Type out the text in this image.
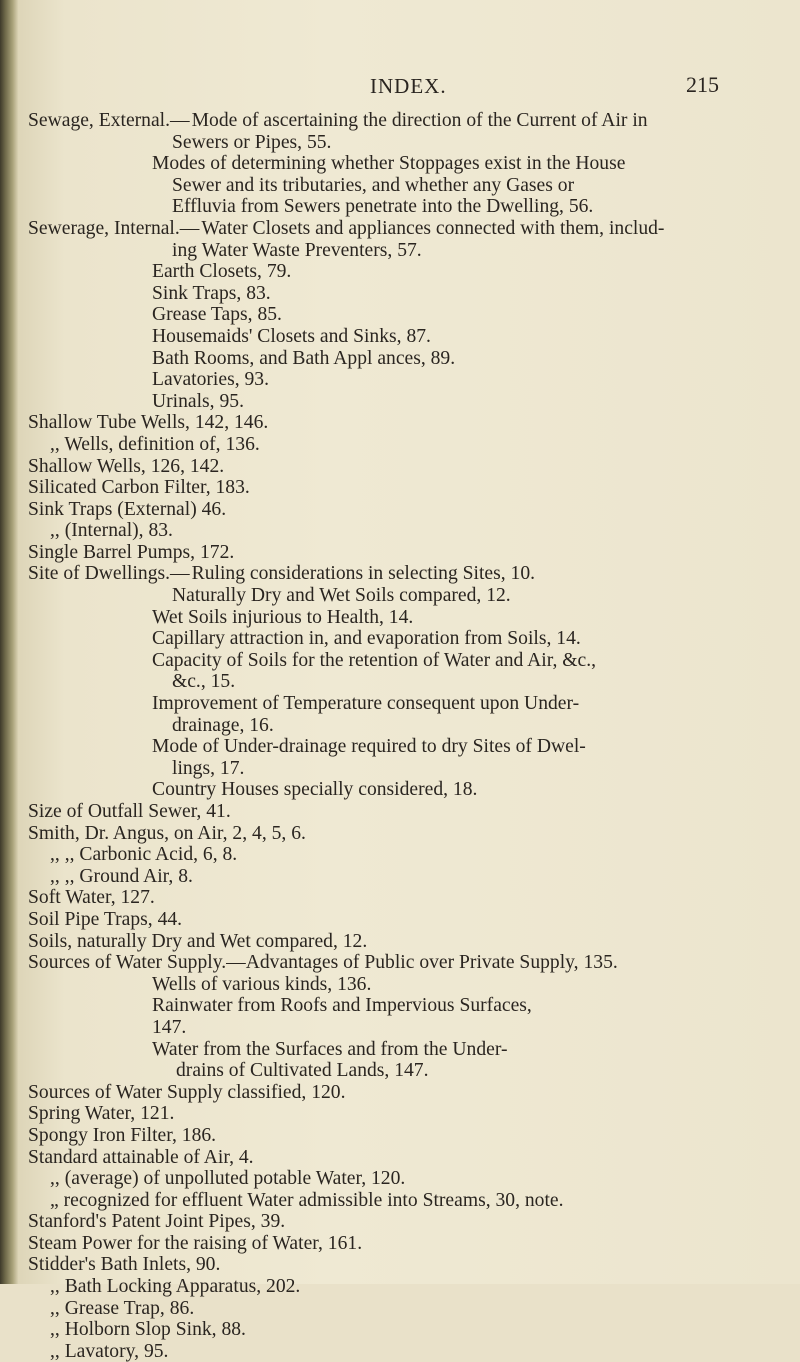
INDEX.	215
Sewage, External.— Mode of ascertaining the direction of the Current of Air in
Sewers or Pipes, 55.
Modes of determining whether Stoppages exist in the House
Sewer and its tributaries, and whether any Gases or
Effluvia from Sewers penetrate into the Dwelling, 56.
Sewerage, Internal.— Water Closets and appliances connected with them, includ-
ing Water Waste Preventers, 57.
Earth Closets, 79.
Sink Traps, 83.
Grease Taps, 85.
Housemaids' Closets and Sinks, 87.
Bath Rooms, and Bath Appl ances, 89.
Lavatories, 93.
Urinals, 95.
Shallow Tube Wells, 142, 146.
,, Wells, definition of, 136.
Shallow Wells, 126, 142.
Silicated Carbon Filter, 183.
Sink Traps (External) 46.
,, (Internal), 83.
Single Barrel Pumps, 172.
Site of Dwellings.— Ruling considerations in selecting Sites, 10.
Naturally Dry and Wet Soils compared, 12.
Wet Soils injurious to Health, 14.
Capillary attraction in, and evaporation from Soils, 14.
Capacity of Soils for the retention of Water and Air, &c.,
&c., 15.
Improvement of Temperature consequent upon Under-
drainage, 16.
Mode of Under-drainage required to dry Sites of Dwel-
lings, 17.
Country Houses specially considered, 18.
Size of Outfall Sewer, 41.
Smith, Dr. Angus, on Air, 2, 4, 5, 6.
,, ,, Carbonic Acid, 6, 8.
,, ,, Ground Air, 8.
Soft Water, 127.
Soil Pipe Traps, 44.
Soils, naturally Dry and Wet compared, 12.
Sources of Water Supply.—Advantages of Public over Private Supply, 135.
Wells of various kinds, 136.
Rainwater from Roofs and Impervious Surfaces,
147.
Water from the Surfaces and from the Under-
drains of Cultivated Lands, 147.
Sources of Water Supply classified, 120.
Spring Water, 121.
Spongy Iron Filter, 186.
Standard attainable of Air, 4.
,, (average) of unpolluted potable Water, 120.
„ recognized for effluent Water admissible into Streams, 30, note.
Stanford's Patent Joint Pipes, 39.
Steam Power for the raising of Water, 161.
Stidder's Bath Inlets, 90.
,, Bath Locking Apparatus, 202.
,, Grease Trap, 86.
,, Holborn Slop Sink, 88.
,, Lavatory, 95.
